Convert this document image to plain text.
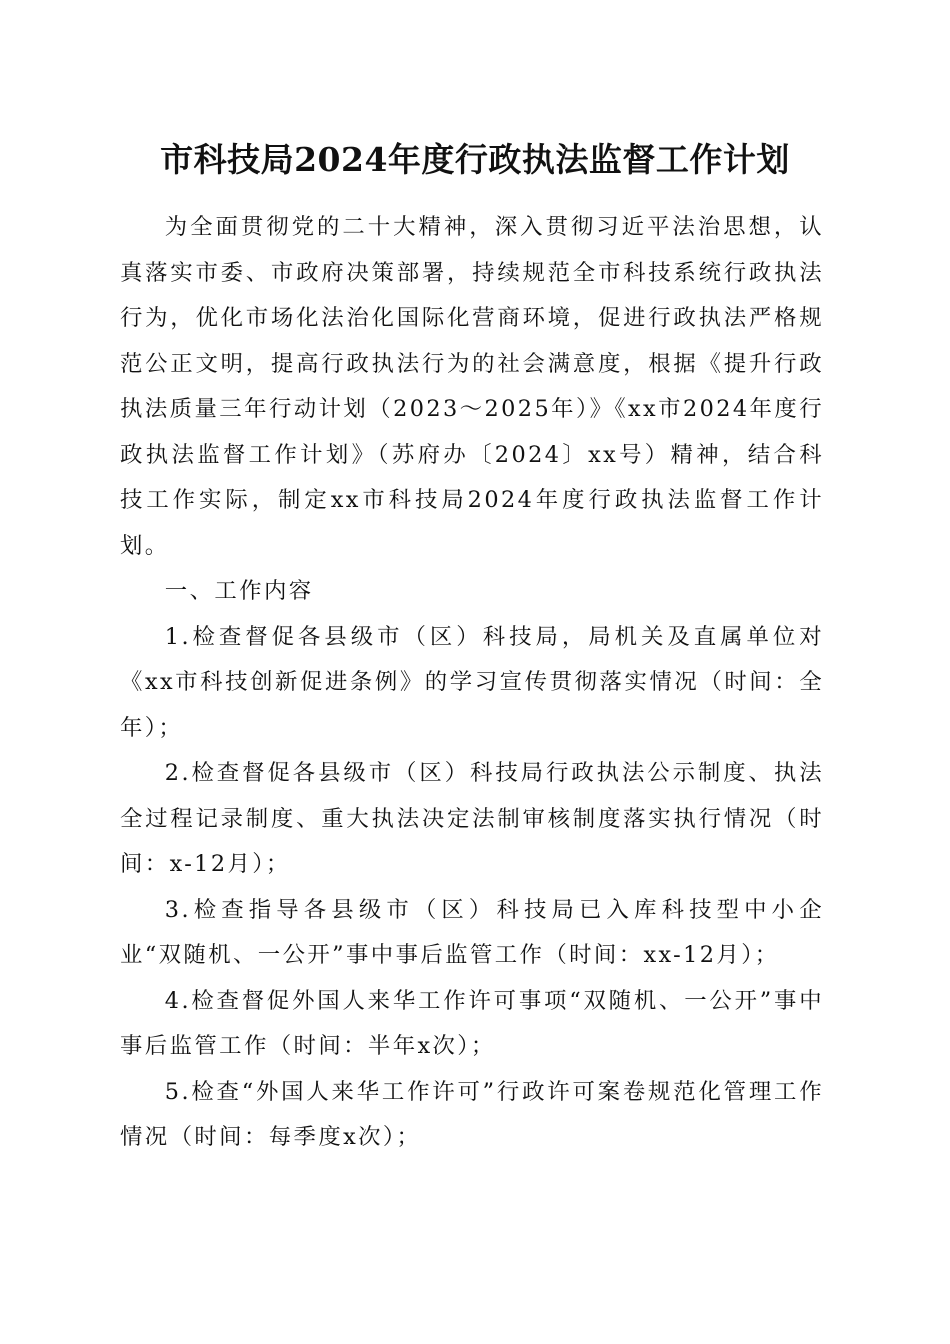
市科技局2024年度行政执法监督工作计划

为全面贯彻党的二十大精神，深入贯彻习近平法治思想，认真落实市委、市政府决策部署，持续规范全市科技系统行政执法行为，优化市场化法治化国际化营商环境，促进行政执法严格规范公正文明，提高行政执法行为的社会满意度，根据《提升行政执法质量三年行动计划（2023～2025年）》《xx市2024年度行政执法监督工作计划》（苏府办〔2024〕xx号）精神，结合科技工作实际，制定xx市科技局2024年度行政执法监督工作计划。

一、工作内容

1.检查督促各县级市（区）科技局，局机关及直属单位对《xx市科技创新促进条例》的学习宣传贯彻落实情况（时间：全年）；

2.检查督促各县级市（区）科技局行政执法公示制度、执法全过程记录制度、重大执法决定法制审核制度落实执行情况（时间：x-12月）；

3.检查指导各县级市（区）科技局已入库科技型中小企业“双随机、一公开”事中事后监管工作（时间：xx-12月）；

4.检查督促外国人来华工作许可事项“双随机、一公开”事中事后监管工作（时间：半年x次）；

5.检查“外国人来华工作许可”行政许可案卷规范化管理工作情况（时间：每季度x次）；
